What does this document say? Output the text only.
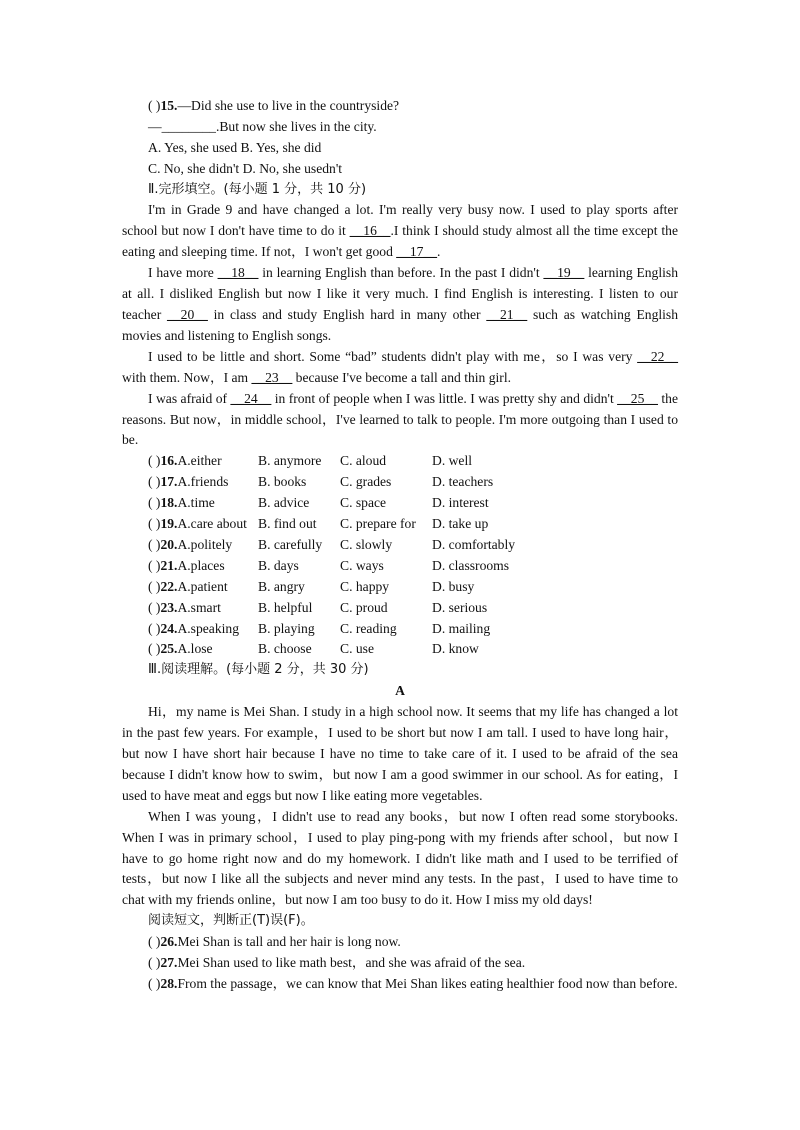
( )15.—Did she use to live in the countryside?
—________.But now she lives in the city.
A. Yes, she used B. Yes, she did
C. No, she didn't D. No, she usedn't
Ⅱ.完形填空。(每小题 1 分，共 10 分)

I'm in Grade 9 and have changed a lot. I'm really very busy now. I used to play sports after school but now I don't have time to do it __16__.I think I should study almost all the time except the eating and sleeping time. If not，I won't get good __17__.

I have more __18__ in learning English than before. In the past I didn't __19__ learning English at all. I disliked English but now I like it very much. I find English is interesting. I listen to our teacher __20__ in class and study English hard in many other __21__ such as watching English movies and listening to English songs.

I used to be little and short. Some “bad” students didn't play with me，so I was very __22__ with them. Now，I am __23__ because I've become a tall and thin girl.

I was afraid of __24__ in front of people when I was little. I was pretty shy and didn't __25__ the reasons. But now，in middle school，I've learned to talk to people. I'm more outgoing than I used to be.

( )16.A.either	B. anymore	C. aloud	D. well
( )17.A.friends	B. books	C. grades	D. teachers
( )18.A.time	B. advice	C. space	D. interest
( )19.A.care about	B. find out	C. prepare for	D. take up
( )20.A.politely	B. carefully	C. slowly	D. comfortably
( )21.A.places	B. days	C. ways	D. classrooms
( )22.A.patient	B. angry	C. happy	D. busy
( )23.A.smart	B. helpful	C. proud	D. serious
( )24.A.speaking	B. playing	C. reading	D. mailing
( )25.A.lose	B. choose	C. use	D. know
Ⅲ.阅读理解。(每小题 2 分，共 30 分)
A

Hi，my name is Mei Shan. I study in a high school now. It seems that my life has changed a lot in the past few years. For example，I used to be short but now I am tall. I used to have long hair，but now I have short hair because I have no time to take care of it. I used to be afraid of the sea because I didn't know how to swim，but now I am a good swimmer in our school. As for eating，I used to have meat and eggs but now I like eating more vegetables.

When I was young，I didn't use to read any books，but now I often read some storybooks. When I was in primary school，I used to play ping-pong with my friends after school，but now I have to go home right now and do my homework. I didn't like math and I used to be terrified of tests，but now I like all the subjects and never mind any tests. In the past，I used to have time to chat with my friends online，but now I am too busy to do it. How I miss my old days!

阅读短文，判断正(T)误(F)。
( )26.Mei Shan is tall and her hair is long now.
( )27.Mei Shan used to like math best，and she was afraid of the sea.

( )28.From the passage，we can know that Mei Shan likes eating healthier food now than before.
